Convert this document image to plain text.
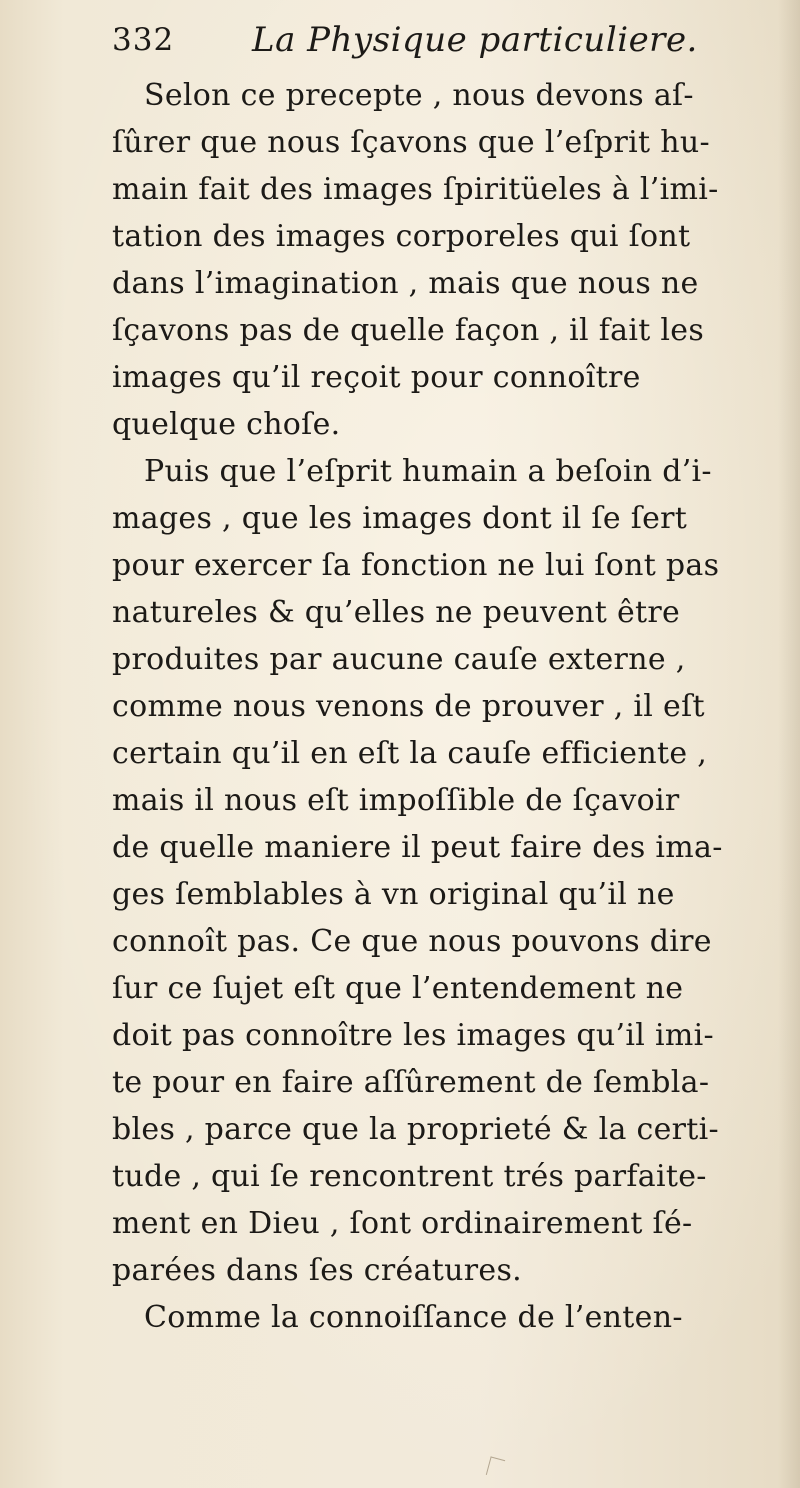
332 La Physique particuliere.
Selon ce precepte , nous devons aſ-
ſûrer que nous ſçavons que l’eſprit hu-
main fait des images ſpiritüeles à l’imi-
tation des images corporeles qui ſont
dans l’imagination , mais que nous ne
ſçavons pas de quelle façon , il fait les
images qu’il reçoit pour connoître
quelque choſe.
Puis que l’eſprit humain a beſoin d’i-
mages , que les images dont il ſe ſert
pour exercer ſa fonction ne lui ſont pas
natureles & qu’elles ne peuvent être
produites par aucune cauſe externe ,
comme nous venons de prouver , il eſt
certain qu’il en eſt la cauſe efficiente ,
mais il nous eſt impoſſible de ſçavoir
de quelle maniere il peut faire des ima-
ges ſemblables à vn original qu’il ne
connoît pas. Ce que nous pouvons dire
ſur ce ſujet eſt que l’entendement ne
doit pas connoître les images qu’il imi-
te pour en faire aſſûrement de ſembla-
bles , parce que la proprieté & la certi-
tude , qui ſe rencontrent trés parfaite-
ment en Dieu , ſont ordinairement ſé-
parées dans ſes créatures.
Comme la connoiſſance de l’enten-
